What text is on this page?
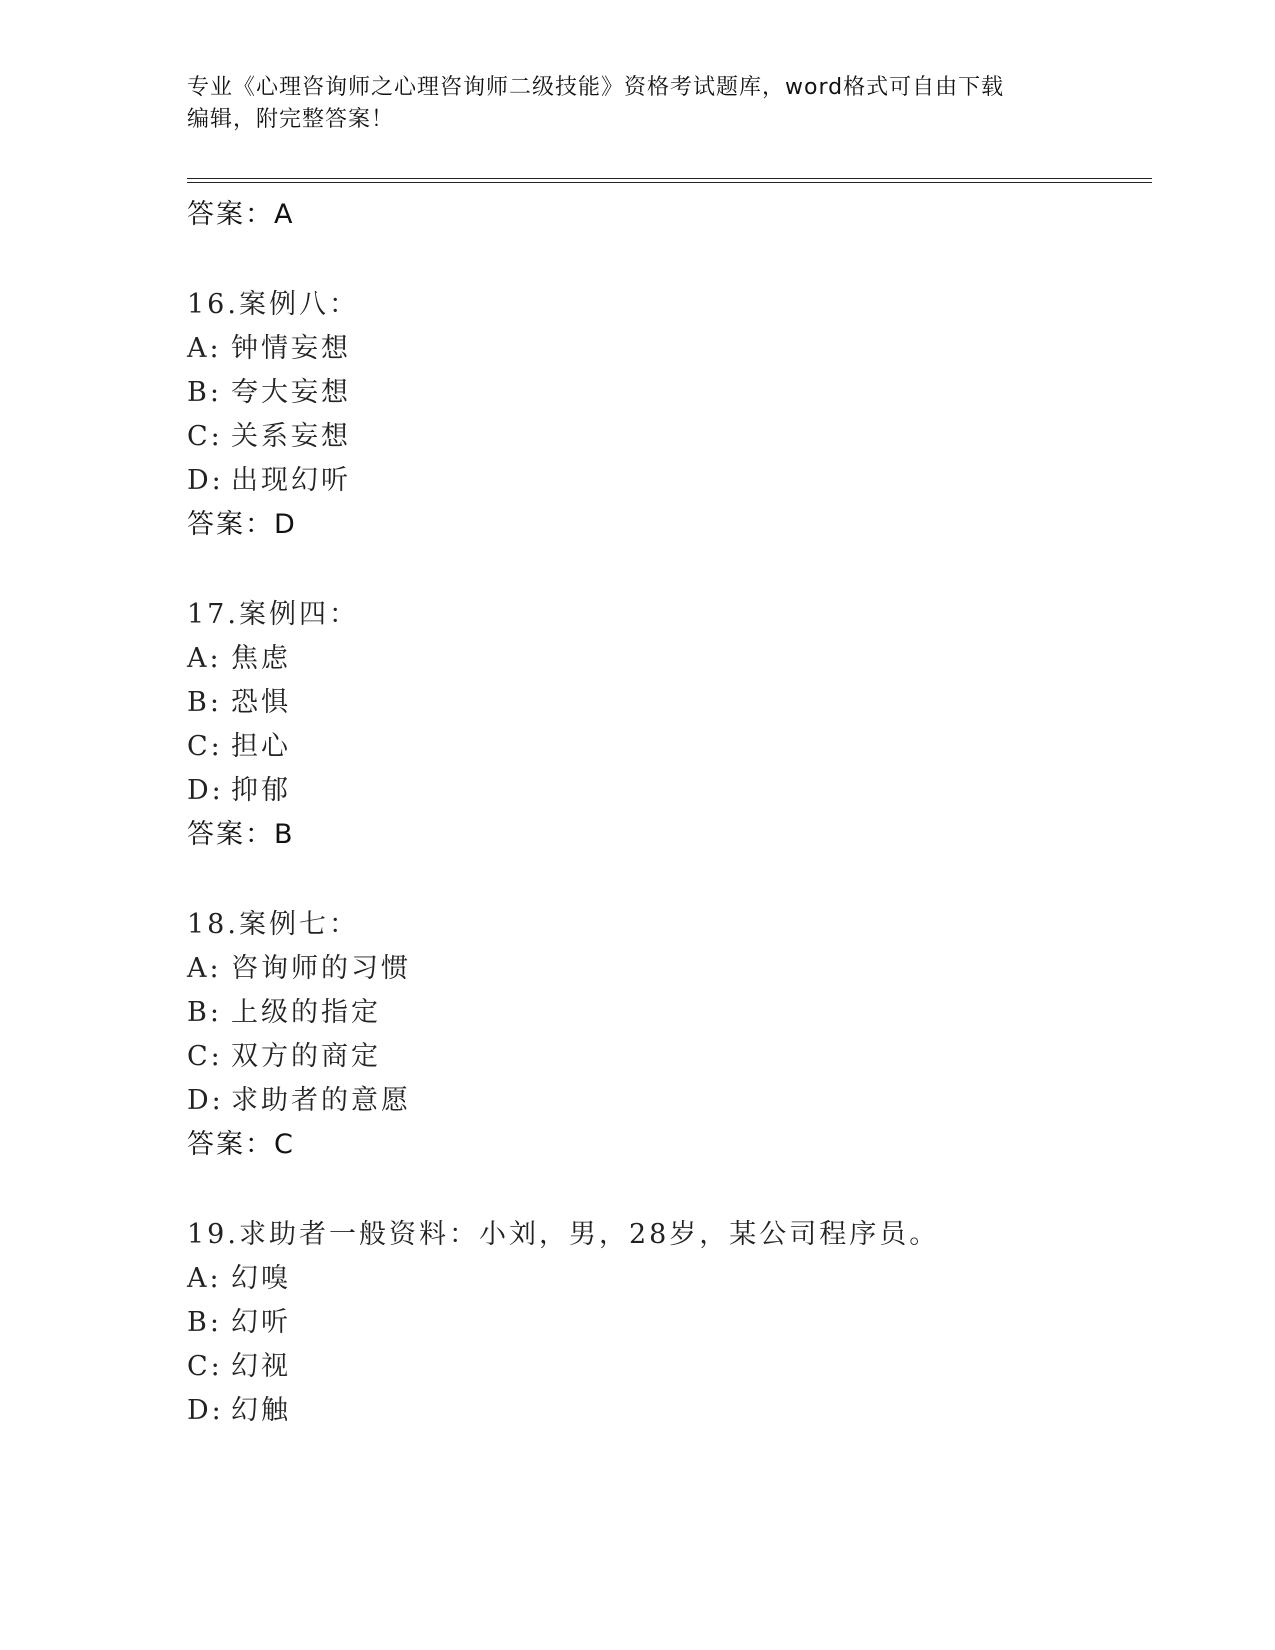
专业《心理咨询师之心理咨询师二级技能》资格考试题库，word格式可自由下载
编辑，附完整答案！
答案：A
16.案例八：
A: 钟情妄想
B: 夸大妄想
C: 关系妄想
D: 出现幻听
答案：D
17.案例四：
A: 焦虑
B: 恐惧
C: 担心
D: 抑郁
答案：B
18.案例七：
A: 咨询师的习惯
B: 上级的指定
C: 双方的商定
D: 求助者的意愿
答案：C
19.求助者一般资料：小刘，男，28岁，某公司程序员。
A: 幻嗅
B: 幻听
C: 幻视
D: 幻触
